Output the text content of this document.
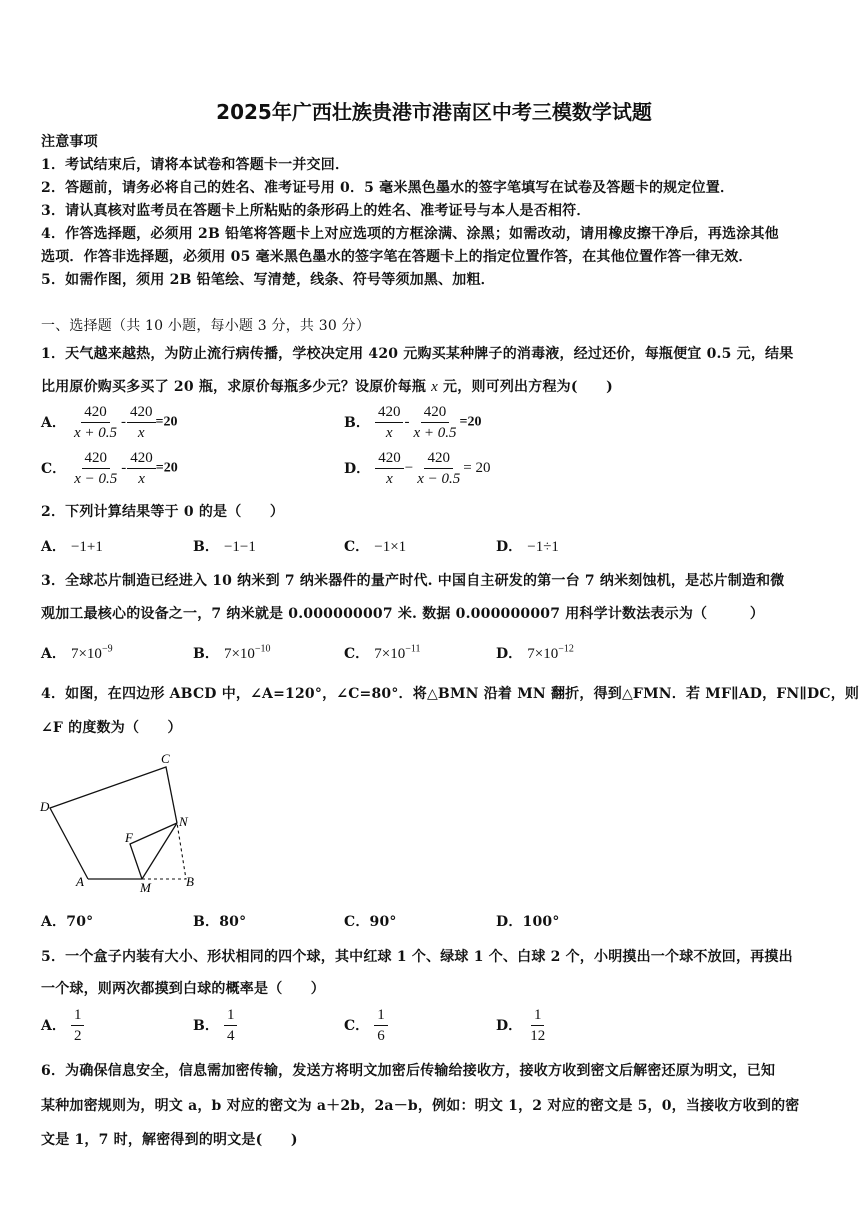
2025年广西壮族贵港市港南区中考三模数学试题
注意事项
1．考试结束后，请将本试卷和答题卡一并交回．
2．答题前，请务必将自己的姓名、准考证号用 0．5 毫米黑色墨水的签字笔填写在试卷及答题卡的规定位置．
3．请认真核对监考员在答题卡上所粘贴的条形码上的姓名、准考证号与本人是否相符．
4．作答选择题，必须用 2B 铅笔将答题卡上对应选项的方框涂满、涂黑；如需改动，请用橡皮擦干净后，再选涂其他
选项．作答非选择题，必须用 05 毫米黑色墨水的签字笔在答题卡上的指定位置作答，在其他位置作答一律无效．
5．如需作图，须用 2B 铅笔绘、写清楚，线条、符号等须加黑、加粗．
一、选择题（共 10 小题，每小题 3 分，共 30 分）
1．天气越来越热，为防止流行病传播，学校决定用 420 元购买某种牌子的消毒液，经过还价，每瓶便宜 0.5 元，结果
比用原价购买多买了 20 瓶，求原价每瓶多少元？设原价每瓶 x 元，则可列出方程为(　　)
A． $\frac{420}{x + 0.5} - \frac{420}{x} =20$	B． $\frac{420}{x} - \frac{420}{x + 0.5} =20$
C． $\frac{420}{x - 0.5} - \frac{420}{x} =20$	D． $\frac{420}{x} - \frac{420}{x - 0.5} = 20$
2．下列计算结果等于 0 的是（　　）
A． −1+1	B． −1−1	C． −1×1	D． −1÷1
3．全球芯片制造已经进入 10 纳米到 7 纳米器件的量产时代. 中国自主研发的第一台 7 纳米刻蚀机，是芯片制造和微
观加工最核心的设备之一，7 纳米就是 0.000000007 米. 数据 0.000000007 用科学计数法表示为（　　　）
A． $7\times 10^{-9}$	B． $7\times 10^{-10}$	C． $7\times 10^{-11}$	D． $7\times 10^{-12}$
4．如图，在四边形 ABCD 中，∠A=120°，∠C=80°．将△BMN 沿着 MN 翻折，得到△FMN．若 MF∥AD，FN∥DC，则
∠F 的度数为（　　）
A	B
C
D
F
M
N
A．70°	B．80°	C．90°	D．100°
5．一个盒子内装有大小、形状相同的四个球，其中红球 1 个、绿球 1 个、白球 2 个，小明摸出一个球不放回，再摸出
一个球，则两次都摸到白球的概率是（　　）
A． $\frac{1}{2}$	B． $\frac{1}{4}$	C． $\frac{1}{6}$	D． $\frac{1}{12}$
6．为确保信息安全，信息需加密传输，发送方将明文加密后传输给接收方，接收方收到密文后解密还原为明文，已知
某种加密规则为，明文 a，b 对应的密文为 a＋2b，2a－b，例如：明文 1，2 对应的密文是 5，0，当接收方收到的密
文是 1，7 时，解密得到的明文是(　　)
